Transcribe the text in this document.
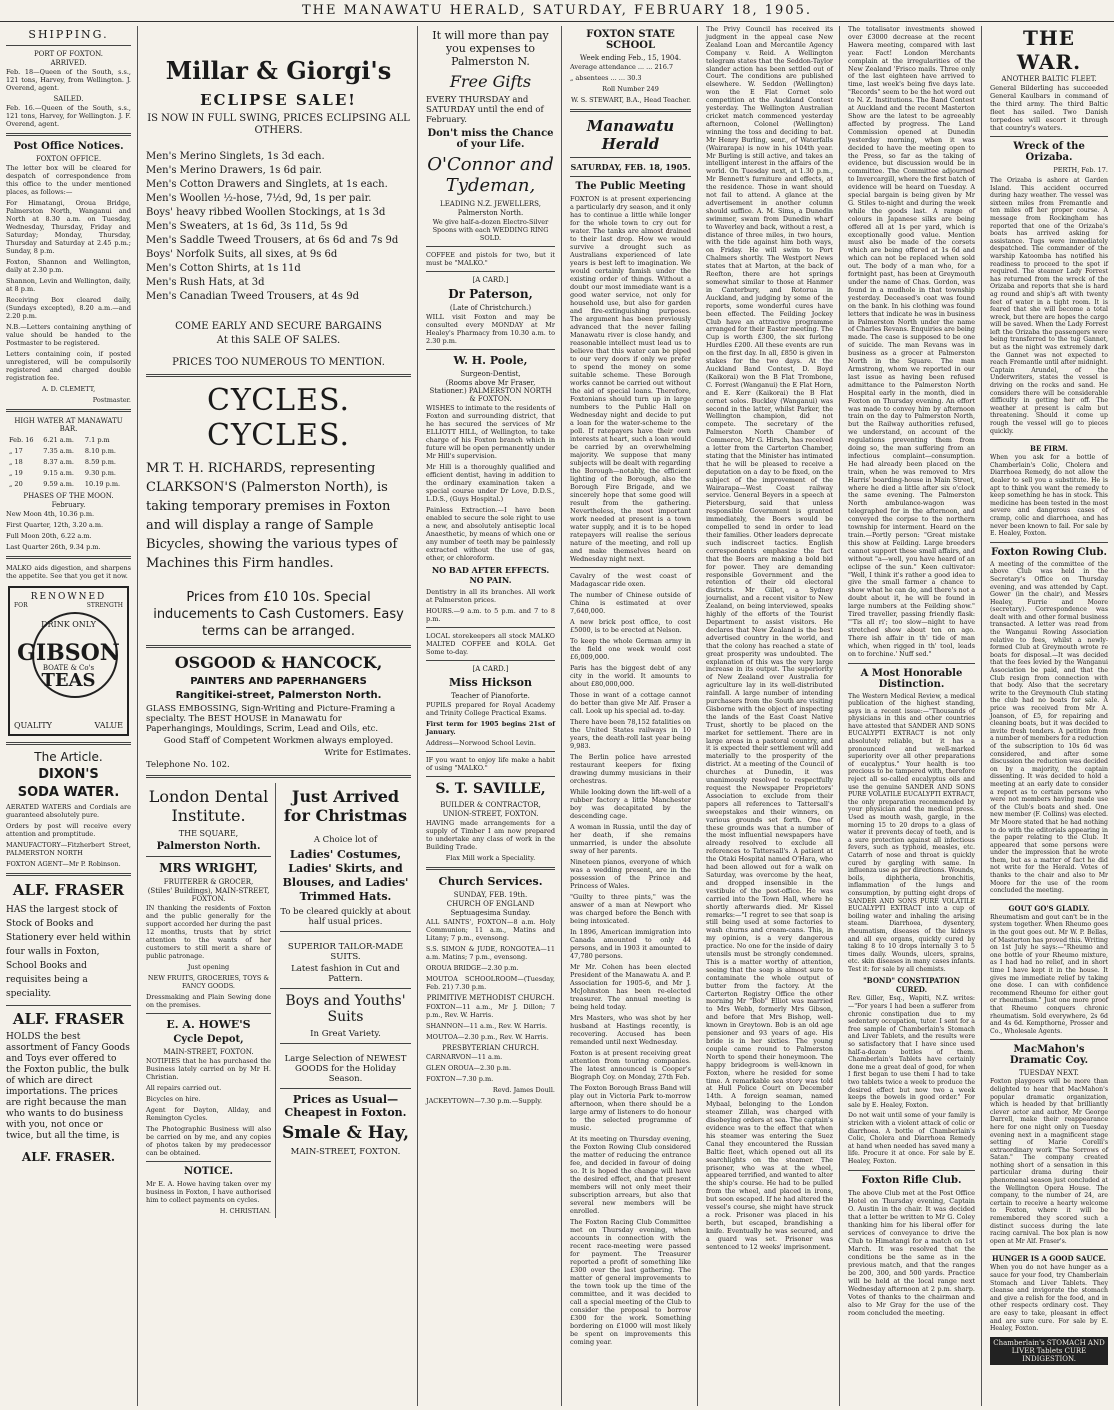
THE MANAWATU HERALD, SATURDAY, FEBRUARY 18, 1905.
SHIPPING.
PORT OF FOXTON.
ARRIVED.
Feb. 18—Queen of the South, s.s., 121 tons, Harvey, from Wellington. J. Overend, agent.
SAILED.
Feb. 16.—Queen of the South, s.s., 121 tons, Harvey, for Wellington. J. F. Overend, agent.
Post Office Notices.
FOXTON OFFICE.
The letter box will be cleared for despatch of correspondence from this office to the under mentioned places, as follows:—
For Himatangi, Oroua Bridge, Palmerston North, Wanganui and North at 8.30 a.m. on Tuesday, Wednesday, Thursday, Friday and Saturday; Monday, Thursday, Thursday and Saturday at 2.45 p.m.; Sunday, 8 p.m.
Foxton, Shannon and Wellington, daily at 2.30 p.m.
Shannon, Levin and Wellington, daily, at 8 p.m.
Receiving Box cleared daily, (Sundays excepted), 8.20 a.m.—and 2.20 p.m.
N.B.—Letters containing anything of value should be handed to the Postmaster to be registered.
Letters containing coin, if posted unregistered, will be compulsorily registered and charged double registration fee.
A. D. CLEMETT,
Postmaster.
HIGH WATER AT MANAWATU BAR.
Feb. 16	6.21 a.m.	7.1 p.m
„ 17	7.35 a.m.	8.10 p.m.
„ 18	8.37 a.m.	8.59 p.m.
„ 19	9.15 a.m.	9.30 p.m.
„ 20	9.59 a.m.	10.19 p.m.
PHASES OF THE MOON.
February.
New Moon 4th, 10.36 p.m.
First Quarter, 12th, 3.20 a.m.
Full Moon 20th, 6.22 a.m.
Last Quarter 26th, 9.34 p.m.
MALKO aids digestion, and sharpens the appetite. See that you get it now.
RENOWNED
FOR	STRENGTH
DRINK ONLY
GIBSON
BOATE & Co's
TEAS
QUALITY	VALUE
The Article.
DIXON'S
SODA WATER.
AERATED WATERS and Cordials are guaranteed absolutely pure.
Orders by post will receive every attention and promptitude.
MANUFACTORY—Fitzherbert Street, PALMERSTON NORTH
FOXTON AGENT—Mr P. Robinson.
ALF. FRASER
HAS the largest stock of Stock of Books and Stationery ever held within four walls in Foxton, School Books and requisites being a speciality.
ALF. FRASER
HOLDS the best assortment of Fancy Goods and Toys ever offered to the Foxton public, the bulk of which are direct importations. The prices are right because the man who wants to do business with you, not once or twice, but all the time, is
ALF. FRASER.
Millar & Giorgi's
ECLIPSE SALE!
IS NOW IN FULL SWING, PRICES ECLIPSING ALL OTHERS.
Men's Merino Singlets, 1s 3d each.
Men's Merino Drawers, 1s 6d pair.
Men's Cotton Drawers and Singlets, at 1s each.
Men's Woollen ½-hose, 7½d, 9d, 1s per pair.
Boys' heavy ribbed Woollen Stockings, at 1s 3d
Men's Sweaters, at 1s 6d, 3s 11d, 5s 9d
Men's Saddle Tweed Trousers, at 6s 6d and 7s 9d
Boys' Norfolk Suits, all sixes, at 9s 6d
Men's Cotton Shirts, at 1s 11d
Men's Rush Hats, at 3d
Men's Canadian Tweed Trousers, at 4s 9d
COME EARLY AND SECURE BARGAINS
At this SALE OF SALES.
PRICES TOO NUMEROUS TO MENTION.
CYCLES. CYCLES.
MR T. H. RICHARDS, representing CLARKSON'S (Palmerston North), is taking temporary premises in Foxton and will display a range of Sample Bicycles, showing the various types of Machines this Firm handles.
Prices from £10 10s. Special inducements to Cash Customers. Easy terms can be arranged.
OSGOOD & HANCOCK,
PAINTERS AND PAPERHANGERS
Rangitikei-street, Palmerston North.
GLASS EMBOSSING, Sign-Writing and Picture-Framing a specialty. The BEST HOUSE in Manawatu for Paperhangings, Mouldings, Scrim, Lead and Oils, etc.
Good Staff of Competent Workmen always employed.
Write for Estimates.
Telephone No. 102.
London Dental Institute.
THE SQUARE,
Palmerston North.
MRS WRIGHT,
FRUITERER & GROCER,
(Stiles' Buildings), MAIN-STREET, FOXTON.
IN thanking the residents of Foxton and the public generally for the support accorded her during the past 12 months, trusts that by strict attention to the wants of her customers to still merit a share of public patronage.
Just opening
NEW FRUITS, GROCERIES, TOYS & FANCY GOODS.
Dressmaking and Plain Sewing done on the premises.
E. A. HOWE'S
Cycle Depot,
MAIN-STREET, FOXTON.
NOTIFIES that he has purchased the Business lately carried on by Mr H. Christian.
All repairs carried out.
Bicycles on hire.
Agent for Dayton, Allday, and Remington Cycles.
The Photographic Business will also be carried on by me, and any copies of photos taken by my predecessor can be obtained.
NOTICE.
Mr E. A. Howe having taken over my business in Foxton, I have authorised him to collect payments on cycles.
H. CHRISTIAN.
Just Arrived for Christmas
A Choice lot of
Ladies' Costumes, Ladies' Skirts, and Blouses, and Ladies' Trimmed Hats.
To be cleared quickly at about half usual prices.
SUPERIOR TAILOR-MADE SUITS.
Latest fashion in Cut and Pattern.
Boys and Youths' Suits
In Great Variety.
Large Selection of NEWEST GOODS for the Holiday Season.
Prices as Usual—Cheapest in Foxton.
Smale & Hay,
MAIN-STREET, FOXTON.
It will more than pay you expenses to Palmerston N.
Free Gifts
EVERY THURSDAY and SATURDAY until the end of February.
Don't miss the Chance of your Life.
O'Connor and Tydeman,
LEADING N.Z. JEWELLERS,
Palmerston North.
We give half-a-dozen Electro-Silver Spoons with each WEDDING RING SOLD.
COFFEE and pistols for two, but it must be "MALKO."
[A CARD.]
Dr Paterson,
(Late of Christchurch.)
WILL visit Foxton and may be consulted every MONDAY at Mr Healey's Pharmacy from 10.30 a.m. to 2.30 p.m.
W. H. Poole,
Surgeon-Dentist,
(Rooms above Mr Fraser, Stationer.) PALMERSTON NORTH & FOXTON.
WISHES to intimate to the residents of Foxton and surrounding district, that he has secured the services of Mr ELLIOTT HILL, of Wellington, to take charge of his Foxton branch which in future will be open permanently under Mr Hill's supervision.
Mr Hill is a thoroughly qualified and efficient dentist, having in addition to the ordinary examination taken a special course under Dr Love, D.D.S., L.D.S., (Guys Hospital.)
Painless Extraction.—I have been enabled to secure the sole right to use a new, and absolutely antiseptic local Anaesthetic, by means of which one or any number of teeth may be painlessly extracted without the use of gas, ether, or chloroform.
NO BAD AFTER EFFECTS. NO PAIN.
Dentistry in all its branches. All work at Palmerston prices.
HOURS.—9 a.m. to 5 p.m. and 7 to 8 p.m.
LOCAL storekeepers all stock MALKO MALTED COFFEE and KOLA. Get Some to-day.
[A CARD.]
Miss Hickson
Teacher of Pianoforte.
PUPILS prepared for Royal Academy and Trinity College Practical Exams.
First term for 1905 begins 21st of January.
Address—Norwood School Levin.
IF you want to enjoy life make a habit of using "MALKO."
S. T. SAVILLE,
BUILDER & CONTRACTOR,
UNION-STREET, FOXTON.
HAVING made arrangements for a supply of Timber I am now prepared to undertake any class of work in the Building Trade.
Flax Mill work a Speciality.
Church Services.
SUNDAY, FEB. 19th.
CHURCH OF ENGLAND
Septuagesima Sunday.
ALL SAINTS', FOXTON—8 a.m. Holy Communion; 11 a.m., Matins and Litany; 7 p.m., evensong.
S.S. SIMON & JUDE, RONGOTEA—11 a.m. Matins; 7 p.m., evensong.
OROUA BRIDGE—2.30 p.m.
MOUTOA SCHOOLROOM—(Tuesday, Feb. 21) 7.30 p.m.
PRIMITIVE METHODIST CHURCH.
FOXTON—11 a.m., Mr J. Dillon; 7 p.m., Rev. W. Harris.
SHANNON—11 a.m., Rev. W. Harris.
MOUTOA—2.30 p.m., Rev. W. Harris.
PRESBYTERIAN CHURCH.
CARNARVON—11 a.m.
GLEN OROUA—2.30 p.m.
FOXTON—7.30 p.m.
Revd. James Doull.
JACKEYTOWN—7.30 p.m.—Supply.
FOXTON STATE SCHOOL
Week ending Feb., 15, 1904.
Average attendance ... ... 216.7
„ absentees ... ... 30.3
Roll Number 249
W. S. STEWART, B.A., Head Teacher.
Manawatu Herald
SATURDAY, FEB. 18, 1905.
The Public Meeting
FOXTON is at present experiencing a particularly dry season, and it only has to continue a little while longer for the whole town to cry out for water. The tanks are almost drained to their last drop. How we would survive a drought such as Australians experienced of late years is best left to imagination. We would certainly famish under the existing order of things. Without a doubt our most immediate want is a good water service, not only for household use, but also for garden and fire-extinguishing purposes. The argument has been previously advanced that the never failing Manawatu river is close handy, and reasonable intellect must lead us to believe that this water can be piped to our very doors if only we prefer to spend the money on some suitable scheme. These Borough works cannot be carried out without the aid of special loans. Therefore, Foxtonians should turn up in large numbers to the Public Hall on Wednesday night and decide to put a loan for the water-scheme to the poll. If ratepayers have their own interests at heart, such a loan would be carried by an overwhelming majority. We suppose that many subjects will be dealt with regarding the Borough—notably, the efficient lighting of the Borough, also the Borough Fire Brigade, and we sincerely hope that some good will result from the gathering. Nevertheless, the most important work needed at present is a town water supply, and it is to be hoped ratepayers will realise the serious nature of the meeting, and roll up and make themselves heard on Wednesday night next.
Cavalry of the west coast of Madagascar ride oxen.
The number of Chinese outside of China is estimated at over 7,640,000.
A new brick post office, to cost £5000, is to be erected at Nelson.
To keep the whole German army in the field one week would cost £6,009,000.
Paris has the biggest debt of any city in the world. It amounts to about £80,000,000.
Those in want of a cottage cannot do better than give Mr Alf. Fraser a call. Look up his special ad. to-day.
There have been 78,152 fatalities on the United States railways in 10 years, the death-roll last year being 9,983.
The Berlin police have arrested restaurant keepers for fixing drawing dummy musicians in their orchestras.
While looking down the lift-well of a rubber factory a little Manchester boy was decapitated by the descending cage.
A woman in Russia, until the day of her death, if she remains unmarried, is under the absolute sway of her parents.
Nineteen pianos, everyone of which was a wedding present, are in the possession of the Prince and Princess of Wales.
"Guilty to three pints," was the answer of a man at Newport who was charged before the Bench with being intoxicated.
In 1896, American immigration into Canada amounted to only 44 persons, and in 1903 it amounted to 47,780 persons.
Mr Mr. Cohen has been elected President of the Manawatu A. and P. Association for 1905-6, and Mr J. McJohnston has been re-elected treasurer. The annual meeting is being held today.
Mrs Masters, who was shot by her husband at Hastings recently, is recovering. Accused has been remanded until next Wednesday.
Foxton is at present receiving great attention from touring companies. The latest announced is Cooper's Biograph Coy. on Monday, 27th Feb.
The Foxton Borough Brass Band will play out in Victoria Park to-morrow afternoon, when there should be a large army of listeners to do honour to the selected programme of music.
At its meeting on Thursday evening, the Foxton Rowing Club considered the matter of reducing the entrance fee, and decided in favour of doing so. It is hoped the change will have the desired effect, and that present members will not only meet their subscription arrears, but also that several new members will be enrolled.
The Foxton Racing Club Committee met on Thursday evening, when accounts in connection with the recent race-meeting were passed for payment. The Treasurer reported a profit of something like £300 over the last gathering. The matter of general improvements to the town took up the time of the committee, and it was decided to call a special meeting of the Club to consider the proposal to borrow £300 for the work. Something bordering on £1000 will most likely be spent on improvements this coming year.
The Privy Council has received its judgment in the appeal case New Zealand Loan and Mercantile Agency Company v. Reid. A Wellington telegram states that the Seddon-Taylor slander action has been settled out of Court. The conditions are published elsewhere. W. Seddon (Wellington) won the E Flat Cornet solo competition at the Auckland Contest yesterday. The Wellington Australian cricket match commenced yesterday afternoon, Colonel (Wellington) winning the toss and deciding to bat. Mr Henry Burling, senr., of Waterfalls (Wairarapa) is now in his 104th year. Mr Burling is still active, and takes an intelligent interest in the affairs of the world. On Tuesday next, at 1.30 p.m., Mr Bennett's furniture and effects, at the residence. Those in want should not fail to attend. A glance at the advertisement in another column should suffice. A. M. Sims, a Dunedin swimmer, swam from Dunedin wharf to Waverley and back, without a rest, a distance of three miles, in two hours, with the tide against him both ways, on Friday. He will swim to Port Chalmers shortly. The Westport News states that at Marton, at the back of Reefton, there are hot springs somewhat similar to those at Hanmer in Canterbury, and Rotorua in Auckland, and judging by some of the reports, some wonderful cures have been effected. The Feilding Jockey Club have an attractive programme arranged for their Easter meeting. The Cup is worth £300, the six furlong Hurdles £200. All these events are run on the first day. In all, £850 is given in stakes for the two days. At the Auckland Band Contest, D. Boyd (Kaikorai) won the B Flat Trombone, C. Forrest (Wanganui) the E Flat Horn, and E. Kerr (Kaikorai) the B Flat cornet solos. Buckley (Wanganui) was second in the latter, whilst Parker, the Wellington champion, did not compete. The secretary of the Palmerston North Chamber of Commerce, Mr G. Hirsch, has received a letter from the Carterton Chamber, stating that the Minister has intimated that he will be pleased to receive a deputation on a day to be fixed, on the subject of the improvement of the Wairarapa—West Coast railway service. General Beyers in a speech at Pietersburg, said that unless responsible Government is granted immediately, the Boers would be compelled to send in order to lead their families. Other leaders deprecate such indiscreet tactics. English correspondents emphasize the fact that the Boers are making a bold bid for power. They are demanding responsible Government and the retention of their old electoral districts. Mr Gillet, a Sydney journalist, and a recent visitor to New Zealand, on being interviewed, speaks highly of the efforts of the Tourist Department to assist visitors. He declares that New Zealand is the best advertised country in the world, and that the colony has reached a state of great prosperity was undoubted. The explanation of this was the very large increase in its output. The superiority of New Zealand over Australia for agriculture lay in its well-distributed rainfall. A large number of intending purchasers from the South are visiting Gisborne with the object of inspecting the lands of the East Coast Native Trust, shortly to be placed on the market for settlement. There are in large areas in a pastoral country, and it is expected their settlement will add materially to the prosperity of the district. At a meeting of the Council of churches at Dunedin, it was unanimously resolved to respectfully request the Newspaper Proprietors' Association to exclude from their papers all references to Tattersall's sweepstakes and their winners, on various grounds set forth. One of these grounds was that a number of the most influential newspapers have already resolved to exclude all references to Tattersall's. A patient at the Otaki Hospital named O'Hara, who had been allowed out for a walk on Saturday, was overcome by the heat, and dropped insensible in the vestibule of the post-office. He was carried into the Town Hall, where he shortly afterwards died. Mr Kissel remarks:—"I regret to see that soap is still being used at some factories to wash churns and cream-cans. This, in my opinion, is a very dangerous practice. No one for the inside of dairy utensils must be strongly condemned. This is a matter worthy of attention, seeing that the soap is almost sure to contaminate the whole output of butter from the factory. At the Carterton Registry Office the other morning Mr "Bob" Elliot was married to Mrs Webb, formerly Mrs Gibson, and before that Mrs Bishop, well-known in Greytown. Bob is an old age pensioner and 93 years of age. His bride is in her sixties. The young couple came round to Palmerston North to spend their honeymoon. The happy bridegroom is well-known in Foxton, where he resided for some time. A remarkable sea story was told at Hull Police Court on December 14th. A foreign seaman, named Mybaal, belonging to the London steamer Zillah, was charged with disobeying orders at sea. The captain's evidence was to the effect that when his steamer was entering the Suez Canal they encountered the Russian Baltic fleet, which opened out all its searchlights on the steamer. The prisoner, who was at the wheel, appeared terrified, and wanted to alter the ship's course. He had to be pulled from the wheel, and placed in irons, but soon escaped. If he had altered the vessel's course, she might have struck a rock. Prisoner was placed in his berth, but escaped, brandishing a knife. Eventually he was secured, and a guard was set. Prisoner was sentenced to 12 weeks' imprisonment.
The totalisator investments showed over £3000 decrease at the recent Hawera meeting, compared with last year. Fact! London Merchants complain at the irregularities of the New Zealand 'Frisco mails. Three only of the last eighteen have arrived to time, last week's being five days late. "Records" seem to be the hot word out to N. Z. Institutions. The Band Contest at Auckland and the recent Masterton Show are the latest to be agreeably affected by progress. The Land Commission opened at Dunedin yesterday morning, when it was decided to have the meeting open to the Press, so far as the taking of evidence, but discussion would be in committee. The Committee adjourned to Invercargill, where the first batch of evidence will be heard on Tuesday. A special bargain is being given by Mr G. Stiles to-night and during the week while the goods last. A range of colours in Japanese silks are being offered all at 1s per yard, which is exceptionally good value. Mention must also be made of the corsets which are being offered at 1s 6d and which can not be replaced when sold out. The body of a man who, for a fortnight past, has been at Greymouth under the name of Chas. Gordon, was found in a mudhole in that township yesterday. Deceased's coat was found on the bank. In his clothing was found letters that indicate he was in business in Palmerston North under the name of Charles Revans. Enquiries are being made. The case is supposed to be one of suicide. The man Revans was in business as a grocer at Palmerston North in the Square. The man Armstrong, whom we reported in our last issue as having been refused admittance to the Palmerston North Hospital early in the month, died in Foxton on Thursday evening. An effort was made to convey him by afternoon train on the day to Palmerston North, but the Railway authorities refused, we understand, on account of the regulations preventing them from doing so, the man suffering from an infectious complaint—consumption. He had already been placed on the train, when he was removed to Mrs Harris' boarding-house in Main Street, where he died a little after six o'clock the same evening. The Palmerston North ambulance-wagon was telegraphed for in the afternoon, and conveyed the corpse to the northern township for interment. Heard on the train.—Portly person: "Great mistake this show at Feilding. Large breeders cannot support these small affairs, and without "a—well, you have heard of an eclipse of the sun." Keen cultivator: "Well, I think it's rather a good idea to give the small farmer a chance to show what he can do, and there's not a doubt about it, he will be found in large numbers at the Feilding show." Tired traveller, passing friendly flask: "'Tis all ri'; too slow—night to have stretched show about ten on ago. There ish affair in th' tide of man which, when rigged in th' tool, leads on to forchine.' Nuff sed."
A Most Honorable Distinction.
The Western Medical Review, a medical publication of the highest standing, says in a recent issue:—"Thousands of physicians in this and other countries have attested that SANDER AND SONS EUCALYPTI EXTRACT is not only absolutely reliable, but it has a pronounced and well-marked superiority over all other preparations of eucalyptus." Your health is too precious to be tampered with, therefore reject all so-called eucalyptus oils and use the genuine SANDER AND SONS PURE VOLATILE EUCALYPTI EXTRACT, the only preparation recommended by your physician and the medical press. Used as mouth wash, gargle, in the morning 15 to 20 drops to a glass of water it prevents decay of teeth, and is a sure protection against all infectious fevers, such as typhoid, measles, etc. Catarrh of nose and throat is quickly cured by gargling with same. In influenza use as per directions. Wounds, boils, diphtheria, bronchitis, inflammation of the lungs and consumption, by putting eight drops of SANDER AND SONS PURE VOLATILE EUCALYPTI EXTRACT into a cup of boiling water and inhaling the arising steam. Diarrhoea, dysentery, rheumatism, diseases of the kidneys and all eye organs, quickly cured by taking 8 to 10 drops internally 3 to 5 times daily. Wounds, ulcers, sprains, etc. skin diseases in many cases infants. Test it: for sale by all chemists.
"BOND" CONSTIPATION CURED.
Rev. Giller, Esq., Wapiti, N.Z. writes:—"For years I had been a sufferer from chronic constipation due to my sedentary occupation, tutor. I sent for a free sample of Chamberlain's Stomach and Liver Tablets, and the results were so satisfactory that I have since used half-a-dozen bottles of them. Chamberlain's Tablets have certainly done me a great deal of good, for when I first began to use them I had to take two tablets twice a week to produce the desired effect but now two a week keeps the bowels in good order." For sale by E. Healey, Foxton.
Do not wait until some of your family is stricken with a violent attack of colic or diarrhoea. A bottle of Chamberlain's Colic, Cholera and Diarrhoea Remedy at hand when needed has saved many a life. Procure it at once. For sale by E. Healey, Foxton.
Foxton Rifle Club.
The above Club met at the Post Office Hotel on Thursday evening, Captain O. Austin in the chair. It was decided that a letter be written to Mr G. Coley thanking him for his liberal offer for services of conveyance to drive the Club to Himatangi for a match on 1st March. It was resolved that the conditions be the same as in the previous match, and that the ranges be 200, 300, and 500 yards. Practice will be held at the local range next Wednesday afternoon at 2 p.m. sharp. Votes of thanks to the chairman and also to Mr Gray for the use of the room concluded the meeting.
THE WAR.
ANOTHER BALTIC FLEET.
General Bilderling has succeeded General Kaulbars in command of the third army. The third Baltic fleet has sailed. Two Danish torpedoes will escort it through that country's waters.
Wreck of the Orizaba.
PERTH, Feb. 17.
The Orizaba is ashore at Garden Island. This accident occurred during hazy weather. The vessel was sixteen miles from Fremantle and ten miles off her proper course. A message from Rockingham has reported that one of the Orizaba's boats has arrived asking for assistance. Tugs were immediately despatched. The commander of the warship Katoomba has notified his readiness to proceed to the spot if required. The steamer Lady Forrest has returned from the wreck of the Orizaba and reports that she is hard ag round and ship's aft with twenty feet of water in a tight room. It is feared that she will become a total wreck, but there are hopes the cargo will be saved. When the Lady Forrest left the Orizaba the passengers were being transferred to the tug Gannet, but as the night was extremely dark the Gannet was not expected to reach Fremantle until after midnight. Captain Arundel, of the Underwriters, states the vessel is driving on the rocks and sand. He considers there will be considerable difficulty in getting her off. The weather at present is calm but threatening. Should it come up rough the vessel will go to pieces quickly.
BE FIRM.
When you ask for a bottle of Chamberlain's Colic, Cholera and Diarrhoea Remedy, do not allow the dealer to sell you a substitute. He is apt to think you want the remedy to keep something he has in stock. This medicine has been tested in the most severe and dangerous cases of cramp, colic and diarrhoea, and has never been known to fail. For sale by E. Healey, Foxton.
Foxton Rowing Club.
A meeting of the committee of the above Club was held in the Secretary's Office on Thursday evening, and was attended by Capt. Gower (in the chair), and Messrs Healey, Furrie and Moore (secretary). Correspondence was dealt with and other formal business transacted. A letter was read from the Wanganui Rowing Association relative to fees, whilst a newly-formed Club at Greymouth wrote re boats for disposal.—It was decided that the fees levied by the Wanganui Association be paid, and that the Club resign from connection with that body. Also that the secretary write to the Greymouth Club stating the club had no boats for sale. A price was received from Mr A. Joanson, of £5, for repairing and cleaning boats, but it was decided to invite fresh tenders. A petition from a number of members for a reduction of the subscription to 10s 6d was considered, and after some discussion the reduction was decided on by a majority, the captain dissenting. It was decided to hold a meeting at an early date to consider a report as to certain persons who were not members having made use of the Club's boats and shed. One new member (F. Collins) was elected. Mr Moore stated that he had nothing to do with the editorials appearing in the paper relating to the Club. It appeared that some persons were under the impression that he wrote them, but as a matter of fact he did not write for the Herald. Votes of thanks to the chair and also to Mr Moore for the use of the room concluded the meeting.
GOUT GO'S GLADLY.
Rheumatism and gout can't be in the system together. When Rheumo goes in the gout goes out. Mr W. P. Bellas, of Masterton has proved this. Writing on 1st July he says:—"Rheumo and one bottle of your Rheumo mixture, as I had had no relief, and in short time I have kept it in the house. It gives me immediate relief by taking one dose. I can with confidence recommend Rheumo for either gout or rheumatism." Just one more proof that Rheumo conquers chronic rheumatism. Sold everywhere, 2s 6d and 4s 6d. Kempthorne, Prosser and Co., Wholesale Agents.
MacMahon's Dramatic Coy.
TUESDAY NEXT.
Foxton playgoers will be more than delighted to hear that MacMahon's popular dramatic organization, which is headed by that brilliantly clever actor and author, Mr George Darrell, make their reappearance here for one night only on Tuesday evening next in a magnificent stage setting of Marie Corelli's extraordinary work "The Sorrows of Satan." The company created nothing short of a sensation in this particular drama during their phenomenal season just concluded at the Wellington Opera House. The company, to the number of 24, are certain to receive a hearty welcome to Foxton, where it will be remembered they scored such a distinct success during the late racing carnival. The box plan is now open at Mr Alf. Fraser's.
HUNGER IS A GOOD SAUCE.
When you do not have hunger as a sauce for your food, try Chamberlain Stomach and Liver Tablets. They cleanse and invigorate the stomach and give a relish for the food, and in other respects ordinary cost. They are easy to take, pleasant in effect and are sure cure. For sale by E. Healey, Foxton.
Chamberlain's STOMACH AND LIVER Tablets CURE INDIGESTION.
